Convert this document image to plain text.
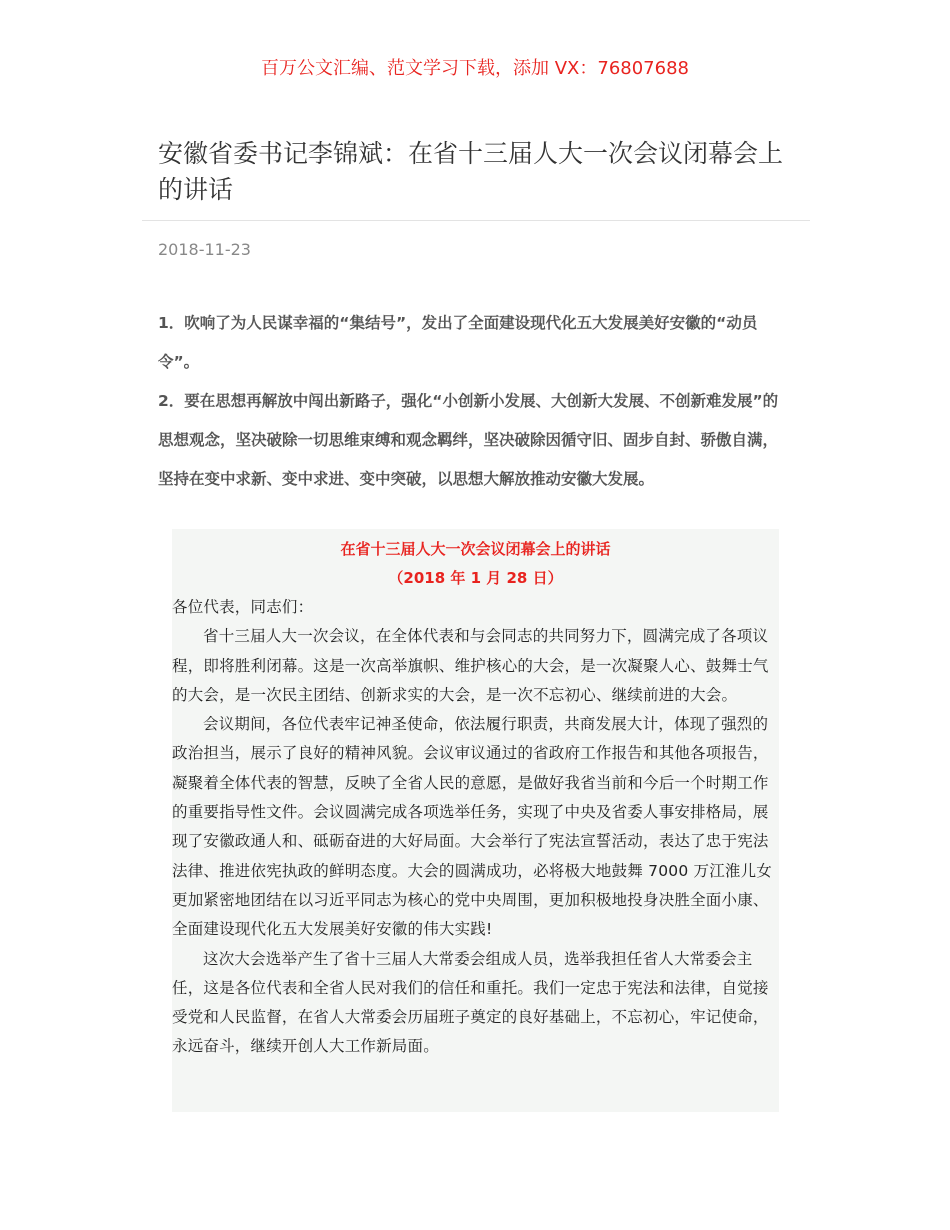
百万公文汇编、范文学习下载，添加 VX：76807688
安徽省委书记李锦斌：在省十三届人大一次会议闭幕会上的讲话
2018-11-23

1．吹响了为人民谋幸福的“集结号”，发出了全面建设现代化五大发展美好安徽的“动员令”。

2．要在思想再解放中闯出新路子，强化“小创新小发展、大创新大发展、不创新难发展”的思想观念，坚决破除一切思维束缚和观念羁绊，坚决破除因循守旧、固步自封、骄傲自满，坚持在变中求新、变中求进、变中突破，以思想大解放推动安徽大发展。

在省十三届人大一次会议闭幕会上的讲话

（2018 年 1 月 28 日）

各位代表，同志们：

省十三届人大一次会议，在全体代表和与会同志的共同努力下，圆满完成了各项议程，即将胜利闭幕。这是一次高举旗帜、维护核心的大会，是一次凝聚人心、鼓舞士气的大会，是一次民主团结、创新求实的大会，是一次不忘初心、继续前进的大会。

会议期间，各位代表牢记神圣使命，依法履行职责，共商发展大计，体现了强烈的政治担当，展示了良好的精神风貌。会议审议通过的省政府工作报告和其他各项报告，凝聚着全体代表的智慧，反映了全省人民的意愿，是做好我省当前和今后一个时期工作的重要指导性文件。会议圆满完成各项选举任务，实现了中央及省委人事安排格局，展现了安徽政通人和、砥砺奋进的大好局面。大会举行了宪法宣誓活动，表达了忠于宪法法律、推进依宪执政的鲜明态度。大会的圆满成功，必将极大地鼓舞 7000 万江淮儿女更加紧密地团结在以习近平同志为核心的党中央周围，更加积极地投身决胜全面小康、全面建设现代化五大发展美好安徽的伟大实践!

这次大会选举产生了省十三届人大常委会组成人员，选举我担任省人大常委会主任，这是各位代表和全省人民对我们的信任和重托。我们一定忠于宪法和法律，自觉接受党和人民监督，在省人大常委会历届班子奠定的良好基础上，不忘初心，牢记使命，永远奋斗，继续开创人大工作新局面。
